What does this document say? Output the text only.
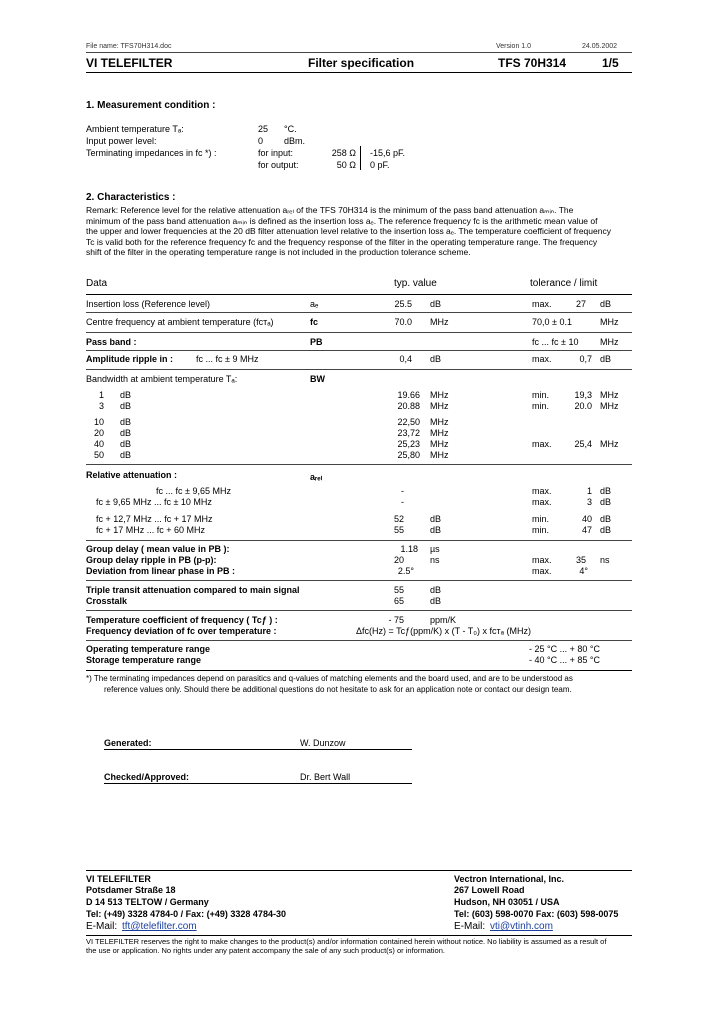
File name: TFS70H314.doc	Version 1.0	24.05.2002
VI TELEFILTER	Filter specification	TFS 70H314	1/5
1. Measurement condition :
Ambient temperature Tₐ:	25 °C.
Input power level:	0 dBm.
Terminating impedances in fᴄ *) :	for input:	258 Ω -15,6 pF.
for output:	50 Ω 0 pF.
2. Characteristics :
Remark: Reference level for the relative attenuation aᵣₑₗ of the TFS 70H314 is the minimum of the pass band attenuation aₘᵢₙ. The
minimum of the pass band attenuation aₘᵢₙ is defined as the insertion loss aₑ. The reference frequency fᴄ is the arithmetic mean value of
the upper and lower frequencies at the 20 dB filter attenuation level relative to the insertion loss aₑ. The temperature coefficient of frequency
Tc is valid both for the reference frequency fᴄ and the frequency response of the filter in the operating temperature range. The frequency
shift of the filter in the operating temperature range is not included in the production tolerance scheme.
Data	typ. value	tolerance / limit
Insertion loss (Reference level)	aₑ	25.5 dB	max.	27 dB
Centre frequency at ambient temperature (fᴄᴛₐ)	fᴄ	70.0 MHz	70,0 ± 0.1	MHz
Pass band :	PB	fᴄ ... fᴄ ± 10 MHz
Amplitude ripple in :	fᴄ ... fᴄ ± 9 MHz	0,4 dB	max.	0,7 dB
Bandwidth at ambient temperature Tₐ:	BW
1 dB	19.66 MHz	min.	19,3 MHz
3 dB	20.88 MHz	min.	20.0 MHz
10 dB	22,50 MHz
20 dB	23,72 MHz
40 dB	25,23 MHz	max.	25,4 MHz
50 dB	25,80 MHz
Relative attenuation :	aᵣₑₗ
fᴄ ... fᴄ ± 9,65 MHz	-	max.	1 dB
fᴄ ± 9,65 MHz ... fᴄ ± 10 MHz	-	max.	3 dB
fᴄ + 12,7 MHz ... fᴄ + 17 MHz	52	dB	min.	40 dB
fᴄ + 17 MHz ... fᴄ + 60 MHz	55	dB	min.	47 dB
Group delay ( mean value in PB ):	1.18 µs
Group delay ripple in PB (p-p):	20	ns	max.	35 ns
Deviation from linear phase in PB :	2.5°	max.	4°
Triple transit attenuation compared to main signal	55	dB
Crosstalk	65	dB
Temperature coefficient of frequency ( Tcƒ ) :	- 75	ppm/K
Frequency deviation of fᴄ over temperature :	Δfᴄ(Hz) = Tcƒ(ppm/K) x (T - T₀) x fᴄᴛₐ (MHz)
Operating temperature range	- 25 °C ... + 80 °C
Storage temperature range	- 40 °C ... + 85 °C
*) The terminating impedances depend on parasitics and q-values of matching elements and the board used, and are to be understood as
reference values only. Should there be additional questions do not hesitate to ask for an application note or contact our design team.
Generated:	W. Dunzow
Checked/Approved:	Dr. Bert Wall
VI TELEFILTER
Potsdamer Straße 18
D 14 513 TELTOW / Germany
Tel: (+49) 3328 4784-0 / Fax: (+49) 3328 4784-30
E-Mail: tft@telefilter.com
Vectron International, Inc.
267 Lowell Road
Hudson, NH 03051 / USA
Tel: (603) 598-0070 Fax: (603) 598-0075
E-Mail: vti@vtinh.com
VI TELEFILTER reserves the right to make changes to the product(s) and/or information contained herein without notice. No liability is assumed as a result of
the use or application. No rights under any patent accompany the sale of any such product(s) or information.
